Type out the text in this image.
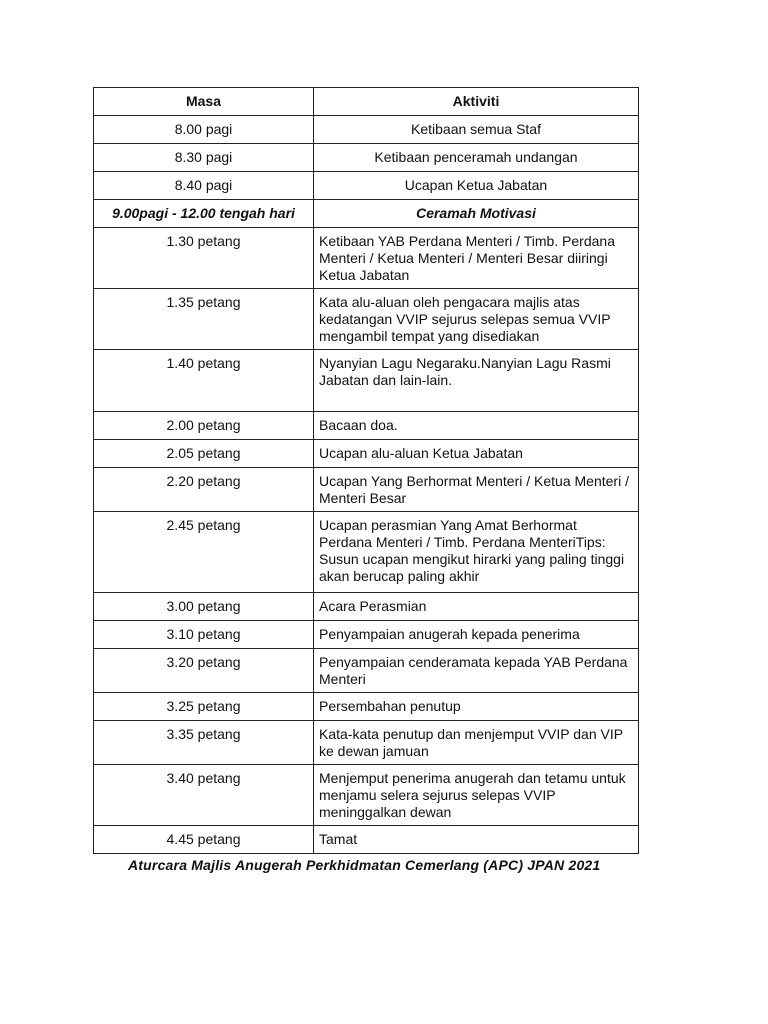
Masa	Aktiviti
8.00 pagi	Ketibaan semua Staf
8.30 pagi	Ketibaan penceramah undangan
8.40 pagi	Ucapan Ketua Jabatan
9.00pagi - 12.00 tengah hari	Ceramah Motivasi
1.30 petang	Ketibaan YAB Perdana Menteri / Timb. Perdana Menteri / Ketua Menteri / Menteri Besar diiringi Ketua Jabatan
1.35 petang	Kata alu-aluan oleh pengacara majlis atas kedatangan VVIP sejurus selepas semua VVIP mengambil tempat yang disediakan
1.40 petang	Nyanyian Lagu Negaraku.Nanyian Lagu Rasmi Jabatan dan lain-lain.
2.00 petang	Bacaan doa.
2.05 petang	Ucapan alu-aluan Ketua Jabatan
2.20 petang	Ucapan Yang Berhormat Menteri / Ketua Menteri / Menteri Besar
2.45 petang	Ucapan perasmian Yang Amat Berhormat Perdana Menteri / Timb. Perdana MenteriTips: Susun ucapan mengikut hirarki yang paling tinggi akan berucap paling akhir
3.00 petang	Acara Perasmian
3.10 petang	Penyampaian anugerah kepada penerima
3.20 petang	Penyampaian cenderamata kepada YAB Perdana Menteri
3.25 petang	Persembahan penutup
3.35 petang	Kata-kata penutup dan menjemput VVIP dan VIP ke dewan jamuan
3.40 petang	Menjemput penerima anugerah dan tetamu untuk menjamu selera sejurus selepas VVIP meninggalkan dewan
4.45 petang	Tamat
Aturcara Majlis Anugerah Perkhidmatan Cemerlang (APC) JPAN 2021
